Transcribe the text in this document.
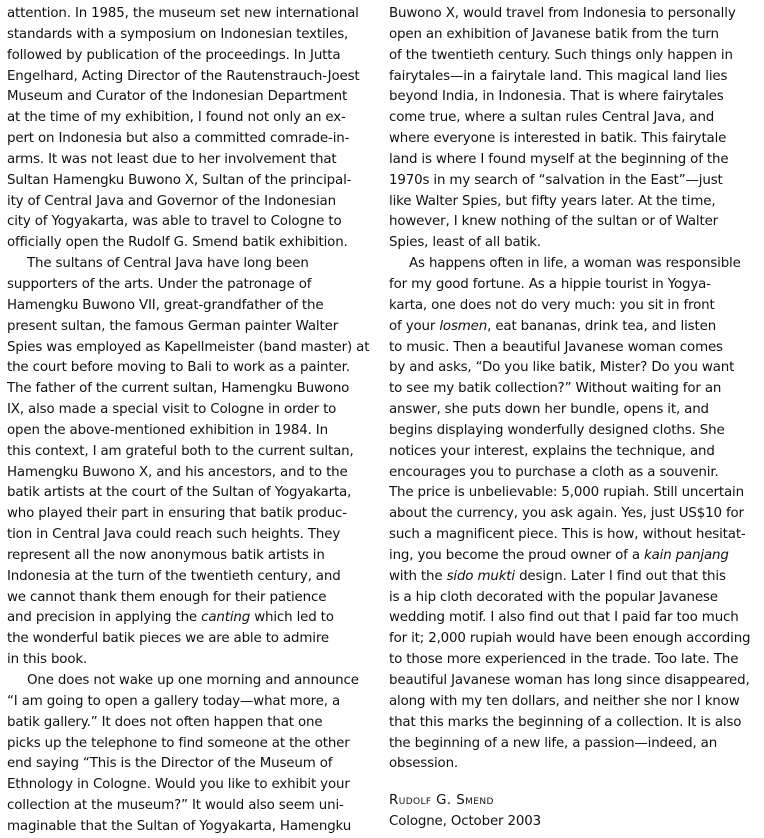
attention. In 1985, the museum set new international
standards with a symposium on Indonesian textiles,
followed by publication of the proceedings. In Jutta
Engelhard, Acting Director of the Rautenstrauch-Joest
Museum and Curator of the Indonesian Department
at the time of my exhibition, I found not only an ex-
pert on Indonesia but also a committed comrade-in-
arms. It was not least due to her involvement that
Sultan Hamengku Buwono X, Sultan of the principal-
ity of Central Java and Governor of the Indonesian
city of Yogyakarta, was able to travel to Cologne to
officially open the Rudolf G. Smend batik exhibition.
The sultans of Central Java have long been
supporters of the arts. Under the patronage of
Hamengku Buwono VII, great-grandfather of the
present sultan, the famous German painter Walter
Spies was employed as Kapellmeister (band master) at
the court before moving to Bali to work as a painter.
The father of the current sultan, Hamengku Buwono
IX, also made a special visit to Cologne in order to
open the above-mentioned exhibition in 1984. In
this context, I am grateful both to the current sultan,
Hamengku Buwono X, and his ancestors, and to the
batik artists at the court of the Sultan of Yogyakarta,
who played their part in ensuring that batik produc-
tion in Central Java could reach such heights. They
represent all the now anonymous batik artists in
Indonesia at the turn of the twentieth century, and
we cannot thank them enough for their patience
and precision in applying the canting which led to
the wonderful batik pieces we are able to admire
in this book.
One does not wake up one morning and announce
“I am going to open a gallery today—what more, a
batik gallery.” It does not often happen that one
picks up the telephone to find someone at the other
end saying “This is the Director of the Museum of
Ethnology in Cologne. Would you like to exhibit your
collection at the museum?” It would also seem uni-
maginable that the Sultan of Yogyakarta, Hamengku
Buwono X, would travel from Indonesia to personally
open an exhibition of Javanese batik from the turn
of the twentieth century. Such things only happen in
fairytales—in a fairytale land. This magical land lies
beyond India, in Indonesia. That is where fairytales
come true, where a sultan rules Central Java, and
where everyone is interested in batik. This fairytale
land is where I found myself at the beginning of the
1970s in my search of “salvation in the East”—just
like Walter Spies, but fifty years later. At the time,
however, I knew nothing of the sultan or of Walter
Spies, least of all batik.
As happens often in life, a woman was responsible
for my good fortune. As a hippie tourist in Yogya-
karta, one does not do very much: you sit in front
of your losmen, eat bananas, drink tea, and listen
to music. Then a beautiful Javanese woman comes
by and asks, “Do you like batik, Mister? Do you want
to see my batik collection?” Without waiting for an
answer, she puts down her bundle, opens it, and
begins displaying wonderfully designed cloths. She
notices your interest, explains the technique, and
encourages you to purchase a cloth as a souvenir.
The price is unbelievable: 5,000 rupiah. Still uncertain
about the currency, you ask again. Yes, just US$10 for
such a magnificent piece. This is how, without hesitat-
ing, you become the proud owner of a kain panjang
with the sido mukti design. Later I find out that this
is a hip cloth decorated with the popular Javanese
wedding motif. I also find out that I paid far too much
for it; 2,000 rupiah would have been enough according
to those more experienced in the trade. Too late. The
beautiful Javanese woman has long since disappeared,
along with my ten dollars, and neither she nor I know
that this marks the beginning of a collection. It is also
the beginning of a new life, a passion—indeed, an
obsession.
Rudolf G. Smend
Cologne, October 2003
